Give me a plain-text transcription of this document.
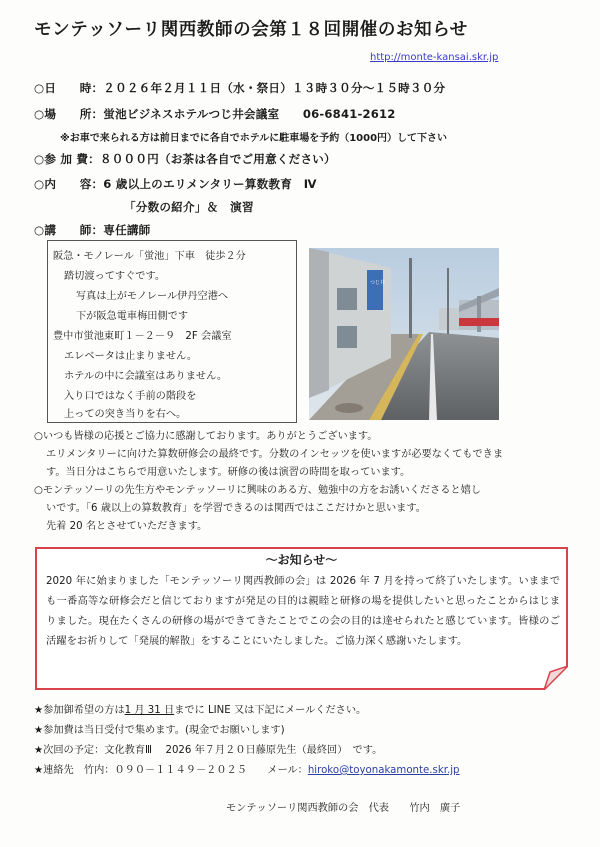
モンテッソーリ関西教師の会第１８回開催のお知らせ
http://monte-kansai.skr.jp
○日　　時：２０２６年２月１１日（水・祭日）１３時３０分～１５時３０分
○場　　所：蛍池ビジネスホテルつじ井会議室　　06-6841-2612
※お車で来られる方は前日までに各自でホテルに駐車場を予約（1000円）して下さい
○参 加 費：８０００円（お茶は各自でご用意ください）
○内　　容：6 歳以上のエリメンタリー算数教育　Ⅳ
「分数の紹介」＆　演習
○講　　師：専任講師
阪急・モノレール「蛍池」下車　徒歩２分
踏切渡ってすぐです。
写真は上がモノレール伊丹空港へ
下が阪急電車梅田側です
豊中市蛍池東町１－２－９　2F 会議室
エレベータは止まりません。
ホテルの中に会議室はありません。
入り口ではなく手前の階段を
上っての突き当りを右へ。
つじ井
○いつも皆様の応援とご協力に感謝しております。ありがとうございます。
エリメンタリーに向けた算数研修会の最終です。分数のインセッツを使いますが必要なくてもできま
す。当日分はこちらで用意いたします。研修の後は演習の時間を取っています。
○モンテッソーリの先生方やモンテッソーリに興味のある方、勉強中の方をお誘いくださると嬉し
いです。「6 歳以上の算数教育」を学習できるのは関西ではここだけかと思います。
先着 20 名とさせていただきます。
～お知らせ～
2020 年に始まりました「モンテッソーリ関西教師の会」は 2026 年 7 月を持って終了いたします。いままでも一番高等な研修会だと信じておりますが発足の目的は親睦と研修の場を提供したいと思ったことからはじまりました。現在たくさんの研修の場ができてきたことでこの会の目的は達せられたと感じています。皆様のご活躍をお祈りして「発展的解散」をすることにいたしました。ご協力深く感謝いたします。
★参加御希望の方は1 月 31 日までに LINE 又は下記にメールください。
★参加費は当日受付で集めます。(現金でお願いします)
★次回の予定：文化教育Ⅲ　 2026 年７月２０日藤原先生（最終回）　です。
★連絡先　竹内：０９０－１１４９－２０２５　　メール：hiroko@toyonakamonte.skr.jp
モンテッソーリ関西教師の会　代表　　竹内　廣子
